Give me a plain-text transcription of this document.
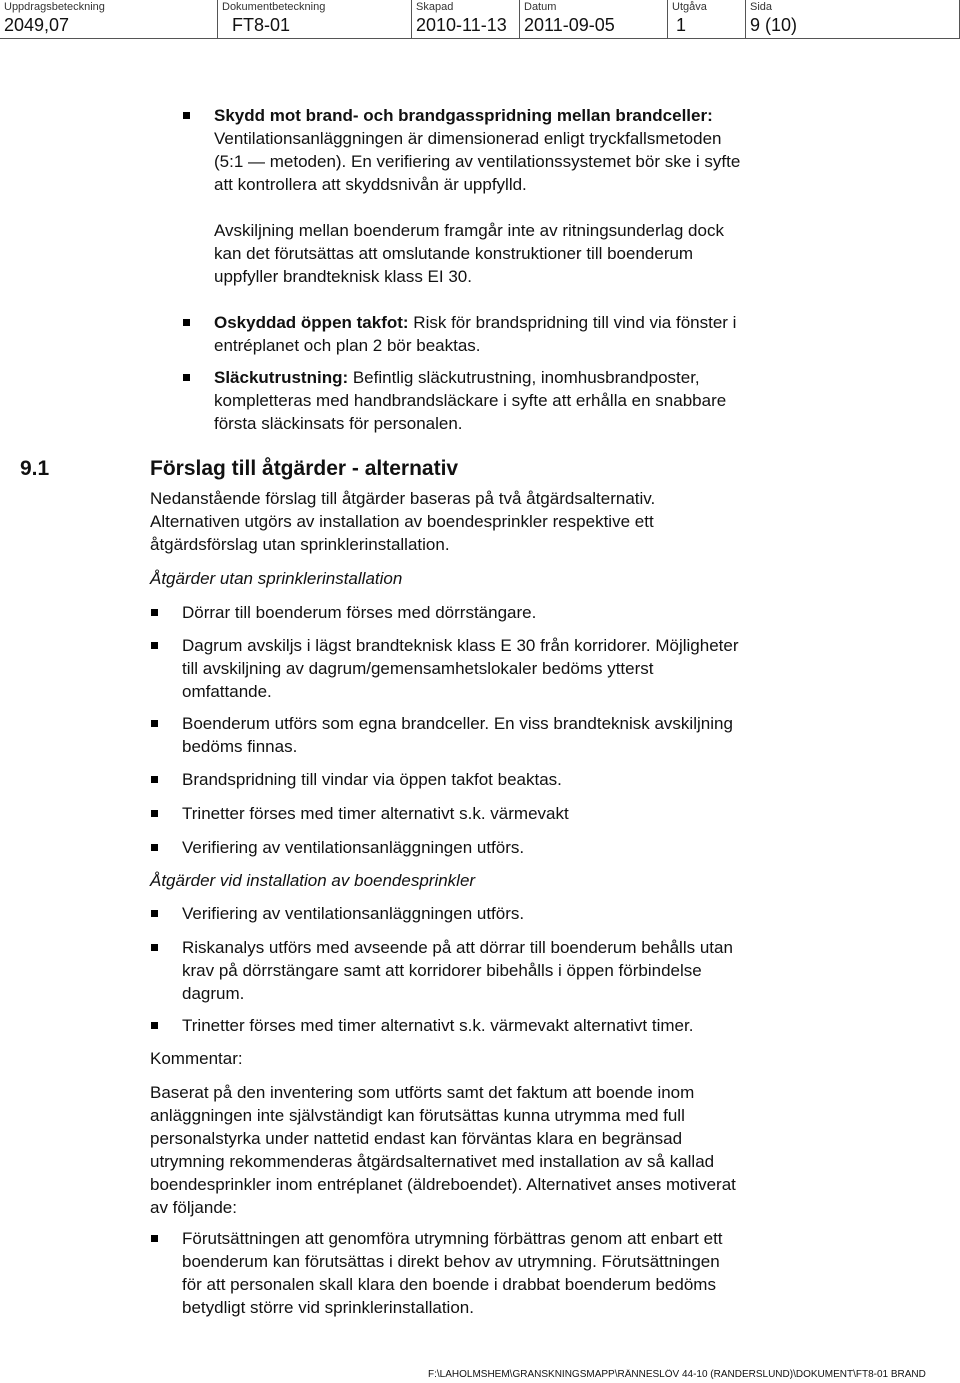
Uppdragsbeteckning
2049,07
Dokumentbeteckning
FT8-01
Skapad
2010-11-13
Datum
2011-09-05
Utgåva
1
Sida
9 (10)
Skydd mot brand- och brandgasspridning mellan brandceller:
Ventilationsanläggningen är dimensionerad enligt tryckfallsmetoden
(5:1 — metoden). En verifiering av ventilationssystemet bör ske i syfte
att kontrollera att skyddsnivån är uppfylld.
Avskiljning mellan boenderum framgår inte av ritningsunderlag dock
kan det förutsättas att omslutande konstruktioner till boenderum
uppfyller brandteknisk klass EI 30.
Oskyddad öppen takfot: Risk för brandspridning till vind via fönster i
entréplanet och plan 2 bör beaktas.
Släckutrustning: Befintlig släckutrustning, inomhusbrandposter,
kompletteras med handbrandsläckare i syfte att erhålla en snabbare
första släckinsats för personalen.
9.1	Förslag till åtgärder - alternativ
Nedanstående förslag till åtgärder baseras på två åtgärdsalternativ.
Alternativen utgörs av installation av boendesprinkler respektive ett
åtgärdsförslag utan sprinklerinstallation.
Åtgärder utan sprinklerinstallation
Dörrar till boenderum förses med dörrstängare.
Dagrum avskiljs i lägst brandteknisk klass E 30 från korridorer. Möjligheter
till avskiljning av dagrum/gemensamhetslokaler bedöms ytterst
omfattande.
Boenderum utförs som egna brandceller. En viss brandteknisk avskiljning
bedöms finnas.
Brandspridning till vindar via öppen takfot beaktas.
Trinetter förses med timer alternativt s.k. värmevakt
Verifiering av ventilationsanläggningen utförs.
Åtgärder vid installation av boendesprinkler
Verifiering av ventilationsanläggningen utförs.
Riskanalys utförs med avseende på att dörrar till boenderum behålls utan
krav på dörrstängare samt att korridorer bibehålls i öppen förbindelse
dagrum.
Trinetter förses med timer alternativt s.k. värmevakt alternativt timer.
Kommentar:
Baserat på den inventering som utförts samt det faktum att boende inom
anläggningen inte självständigt kan förutsättas kunna utrymma med full
personalstyrka under nattetid endast kan förväntas klara en begränsad
utrymning rekommenderas åtgärdsalternativet med installation av så kallad
boendesprinkler inom entréplanet (äldreboendet). Alternativet anses motiverat
av följande:
Förutsättningen att genomföra utrymning förbättras genom att enbart ett
boenderum kan förutsättas i direkt behov av utrymning. Förutsättningen
för att personalen skall klara den boende i drabbat boenderum bedöms
betydligt större vid sprinklerinstallation.
F:\LAHOLMSHEM\GRANSKNINGSMAPP\RÄNNESLÖV 44-10 (RANDERSLUND)\DOKUMENT\FT8-01 BRAND
